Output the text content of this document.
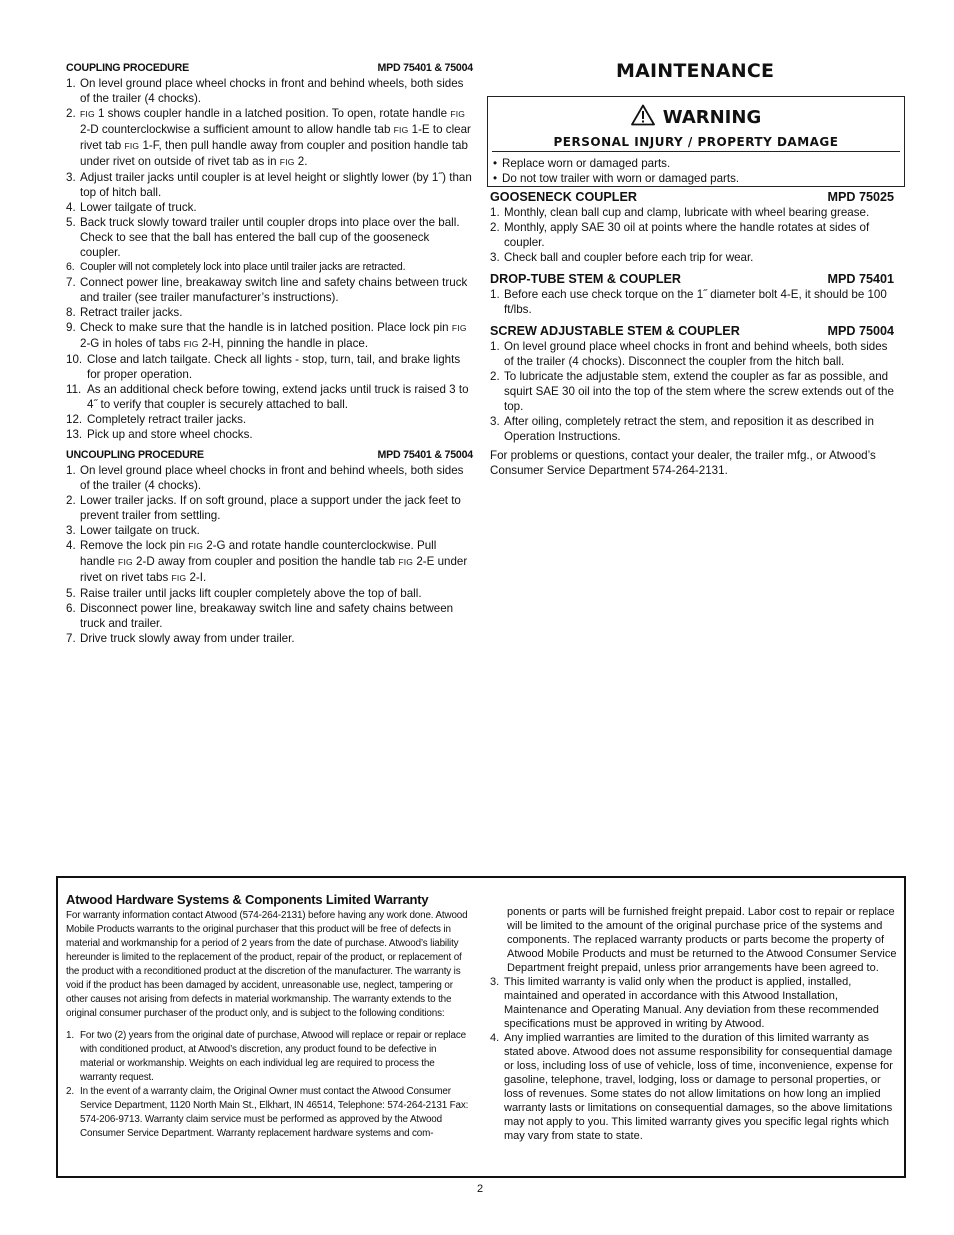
COUPLING PROCEDURE	MPD 75401 & 75004
1. On level ground place wheel chocks in front and behind wheels, both sides of the trailer (4 chocks).
2. FIG 1 shows coupler handle in a latched position. To open, rotate handle FIG 2-D counterclockwise a sufficient amount to allow handle tab FIG 1-E to clear rivet tab FIG 1-F, then pull handle away from coupler and position handle tab under rivet on outside of rivet tab as in FIG 2.
3. Adjust trailer jacks until coupler is at level height or slightly lower (by 1˝) than top of hitch ball.
4. Lower tailgate of truck.
5. Back truck slowly toward trailer until coupler drops into place over the ball. Check to see that the ball has entered the ball cup of the gooseneck coupler.
6. Coupler will not completely lock into place until trailer jacks are retracted.
7. Connect power line, breakaway switch line and safety chains between truck and trailer (see trailer manufacturer’s instructions).
8. Retract trailer jacks.
9. Check to make sure that the handle is in latched position. Place lock pin FIG 2-G in holes of tabs FIG 2-H, pinning the handle in place.
10. Close and latch tailgate. Check all lights - stop, turn, tail, and brake lights for proper operation.
11. As an additional check before towing, extend jacks until truck is raised 3 to 4˝ to verify that coupler is securely attached to ball.
12. Completely retract trailer jacks.
13. Pick up and store wheel chocks.
UNCOUPLING PROCEDURE	MPD 75401 & 75004
1. On level ground place wheel chocks in front and behind wheels, both sides of the trailer (4 chocks).
2. Lower trailer jacks. If on soft ground, place a support under the jack feet to prevent trailer from settling.
3. Lower tailgate on truck.
4. Remove the lock pin FIG 2-G and rotate handle counterclockwise. Pull handle FIG 2-D away from coupler and position the handle tab FIG 2-E under rivet on rivet tabs FIG 2-I.
5. Raise trailer until jacks lift coupler completely above the top of ball.
6. Disconnect power line, breakaway switch line and safety chains between truck and trailer.
7. Drive truck slowly away from under trailer.
MAINTENANCE
WARNING
PERSONAL INJURY / PROPERTY DAMAGE
• Replace worn or damaged parts.
• Do not tow trailer with worn or damaged parts.
GOOSENECK COUPLER	MPD 75025
1. Monthly, clean ball cup and clamp, lubricate with wheel bearing grease.
2. Monthly, apply SAE 30 oil at points where the handle rotates at sides of coupler.
3. Check ball and coupler before each trip for wear.
DROP-TUBE STEM & COUPLER	MPD 75401
1. Before each use check torque on the 1˝ diameter bolt 4-E, it should be 100 ft/lbs.
SCREW ADJUSTABLE STEM & COUPLER	MPD 75004
1. On level ground place wheel chocks in front and behind wheels, both sides of the trailer (4 chocks). Disconnect the coupler from the hitch ball.
2. To lubricate the adjustable stem, extend the coupler as far as possible, and squirt SAE 30 oil into the top of the stem where the screw extends out of the top.
3. After oiling, completely retract the stem, and reposition it as described in Operation Instructions.

For problems or questions, contact your dealer, the trailer mfg., or Atwood’s Consumer Service Department 574-264-2131.

Atwood Hardware Systems & Components Limited Warranty

For warranty information contact Atwood (574-264-2131) before having any work done. Atwood Mobile Products warrants to the original purchaser that this product will be free of defects in material and workmanship for a period of 2 years from the date of purchase. Atwood’s liability hereunder is limited to the replacement of the product, repair of the product, or replacement of the product with a reconditioned product at the discretion of the manufacturer. The warranty is void if the product has been damaged by accident, unreasonable use, neglect, tampering or other causes not arising from defects in material workmanship. The warranty extends to the original consumer purchaser of the product only, and is subject to the following conditions:

1. For two (2) years from the original date of purchase, Atwood will replace or repair or replace with conditioned product, at Atwood’s discretion, any product found to be defective in material or workmanship. Weights on each individual leg are required to process the warranty request.
2. In the event of a warranty claim, the Original Owner must contact the Atwood Consumer Service Department, 1120 North Main St., Elkhart, IN 46514, Telephone: 574-264-2131 Fax: 574-206-9713. Warranty claim service must be performed as approved by the Atwood Consumer Service Department. Warranty replacement hardware systems and com-

ponents or parts will be furnished freight prepaid. Labor cost to repair or replace will be limited to the amount of the original purchase price of the systems and components. The replaced warranty products or parts become the property of Atwood Mobile Products and must be returned to the Atwood Consumer Service Department freight prepaid, unless prior arrangements have been agreed to.

3. This limited warranty is valid only when the product is applied, installed, maintained and operated in accordance with this Atwood Installation, Maintenance and Operating Manual. Any deviation from these recommended specifications must be approved in writing by Atwood.
4. Any implied warranties are limited to the duration of this limited warranty as stated above. Atwood does not assume responsibility for consequential damage or loss, including loss of use of vehicle, loss of time, inconvenience, expense for gasoline, telephone, travel, lodging, loss or damage to personal properties, or loss of revenues. Some states do not allow limitations on how long an implied warranty lasts or limitations on consequential damages, so the above limitations may not apply to you. This limited warranty gives you specific legal rights which may vary from state to state.
2
